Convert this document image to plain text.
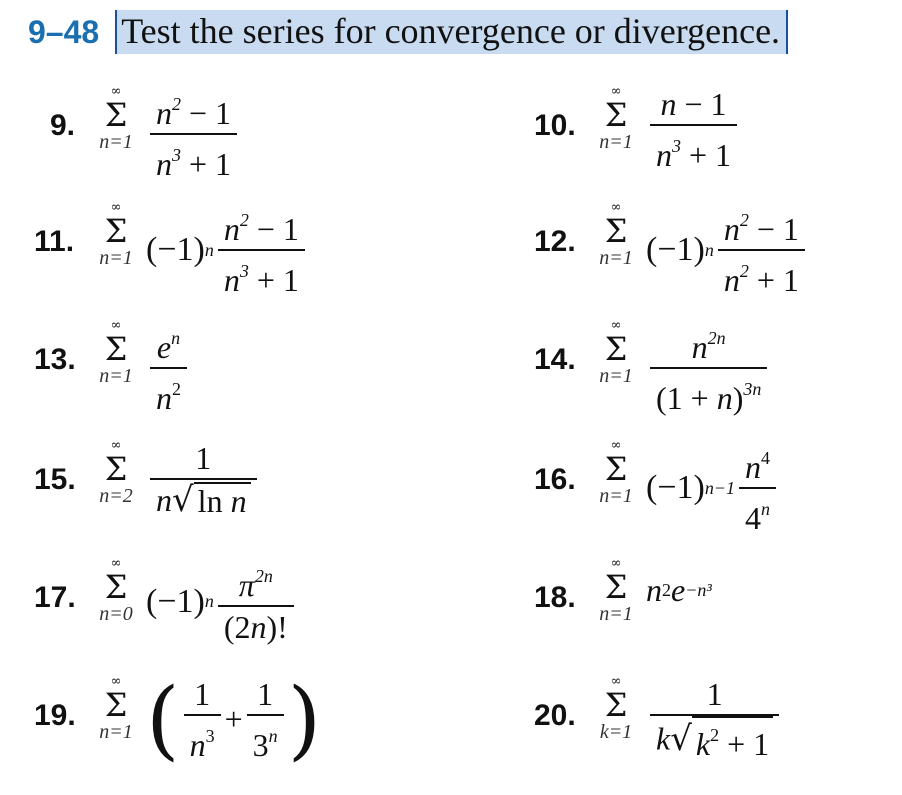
9–48 Test the series for convergence or divergence.
9.
∞
Σ
$n=1 \frac{n^2 - 1}{n^3 + 1}$	10.
∞
Σ
$n=1 \frac{n - 1}{n^3 + 1}$
11.
∞
Σ
n=1 (−1) n $\frac{n^2 - 1}{n^3 + 1}$	12.
∞
Σ
n=1 (−1) n $\frac{n^2 - 1}{n^2 + 1}$
13.
∞
Σ
$n=1 \frac{e^n}{n^2}$	14.
∞
Σ
$n=1 \frac{n^{2n}}{(1 + n)^{3n}}$
15.
∞
Σ
$n=2 \frac{1}{\text{n √ ln n}}$	16.
∞
Σ
n=1 (−1) $n-1 \frac{n^4}{4^n}$
17.
∞
Σ
n=0 (−1) n $\frac{\pi^{2n}}{(2n)!}$	18.
∞
Σ
n=1
n 2 e −n³
19.
∞
Σ
n=1 ( $\frac{1}{n^3} + \frac{1}{3^n}$ )	20.
∞
Σ
$k=1 \frac{1}{k √ k^2 + 1}$
